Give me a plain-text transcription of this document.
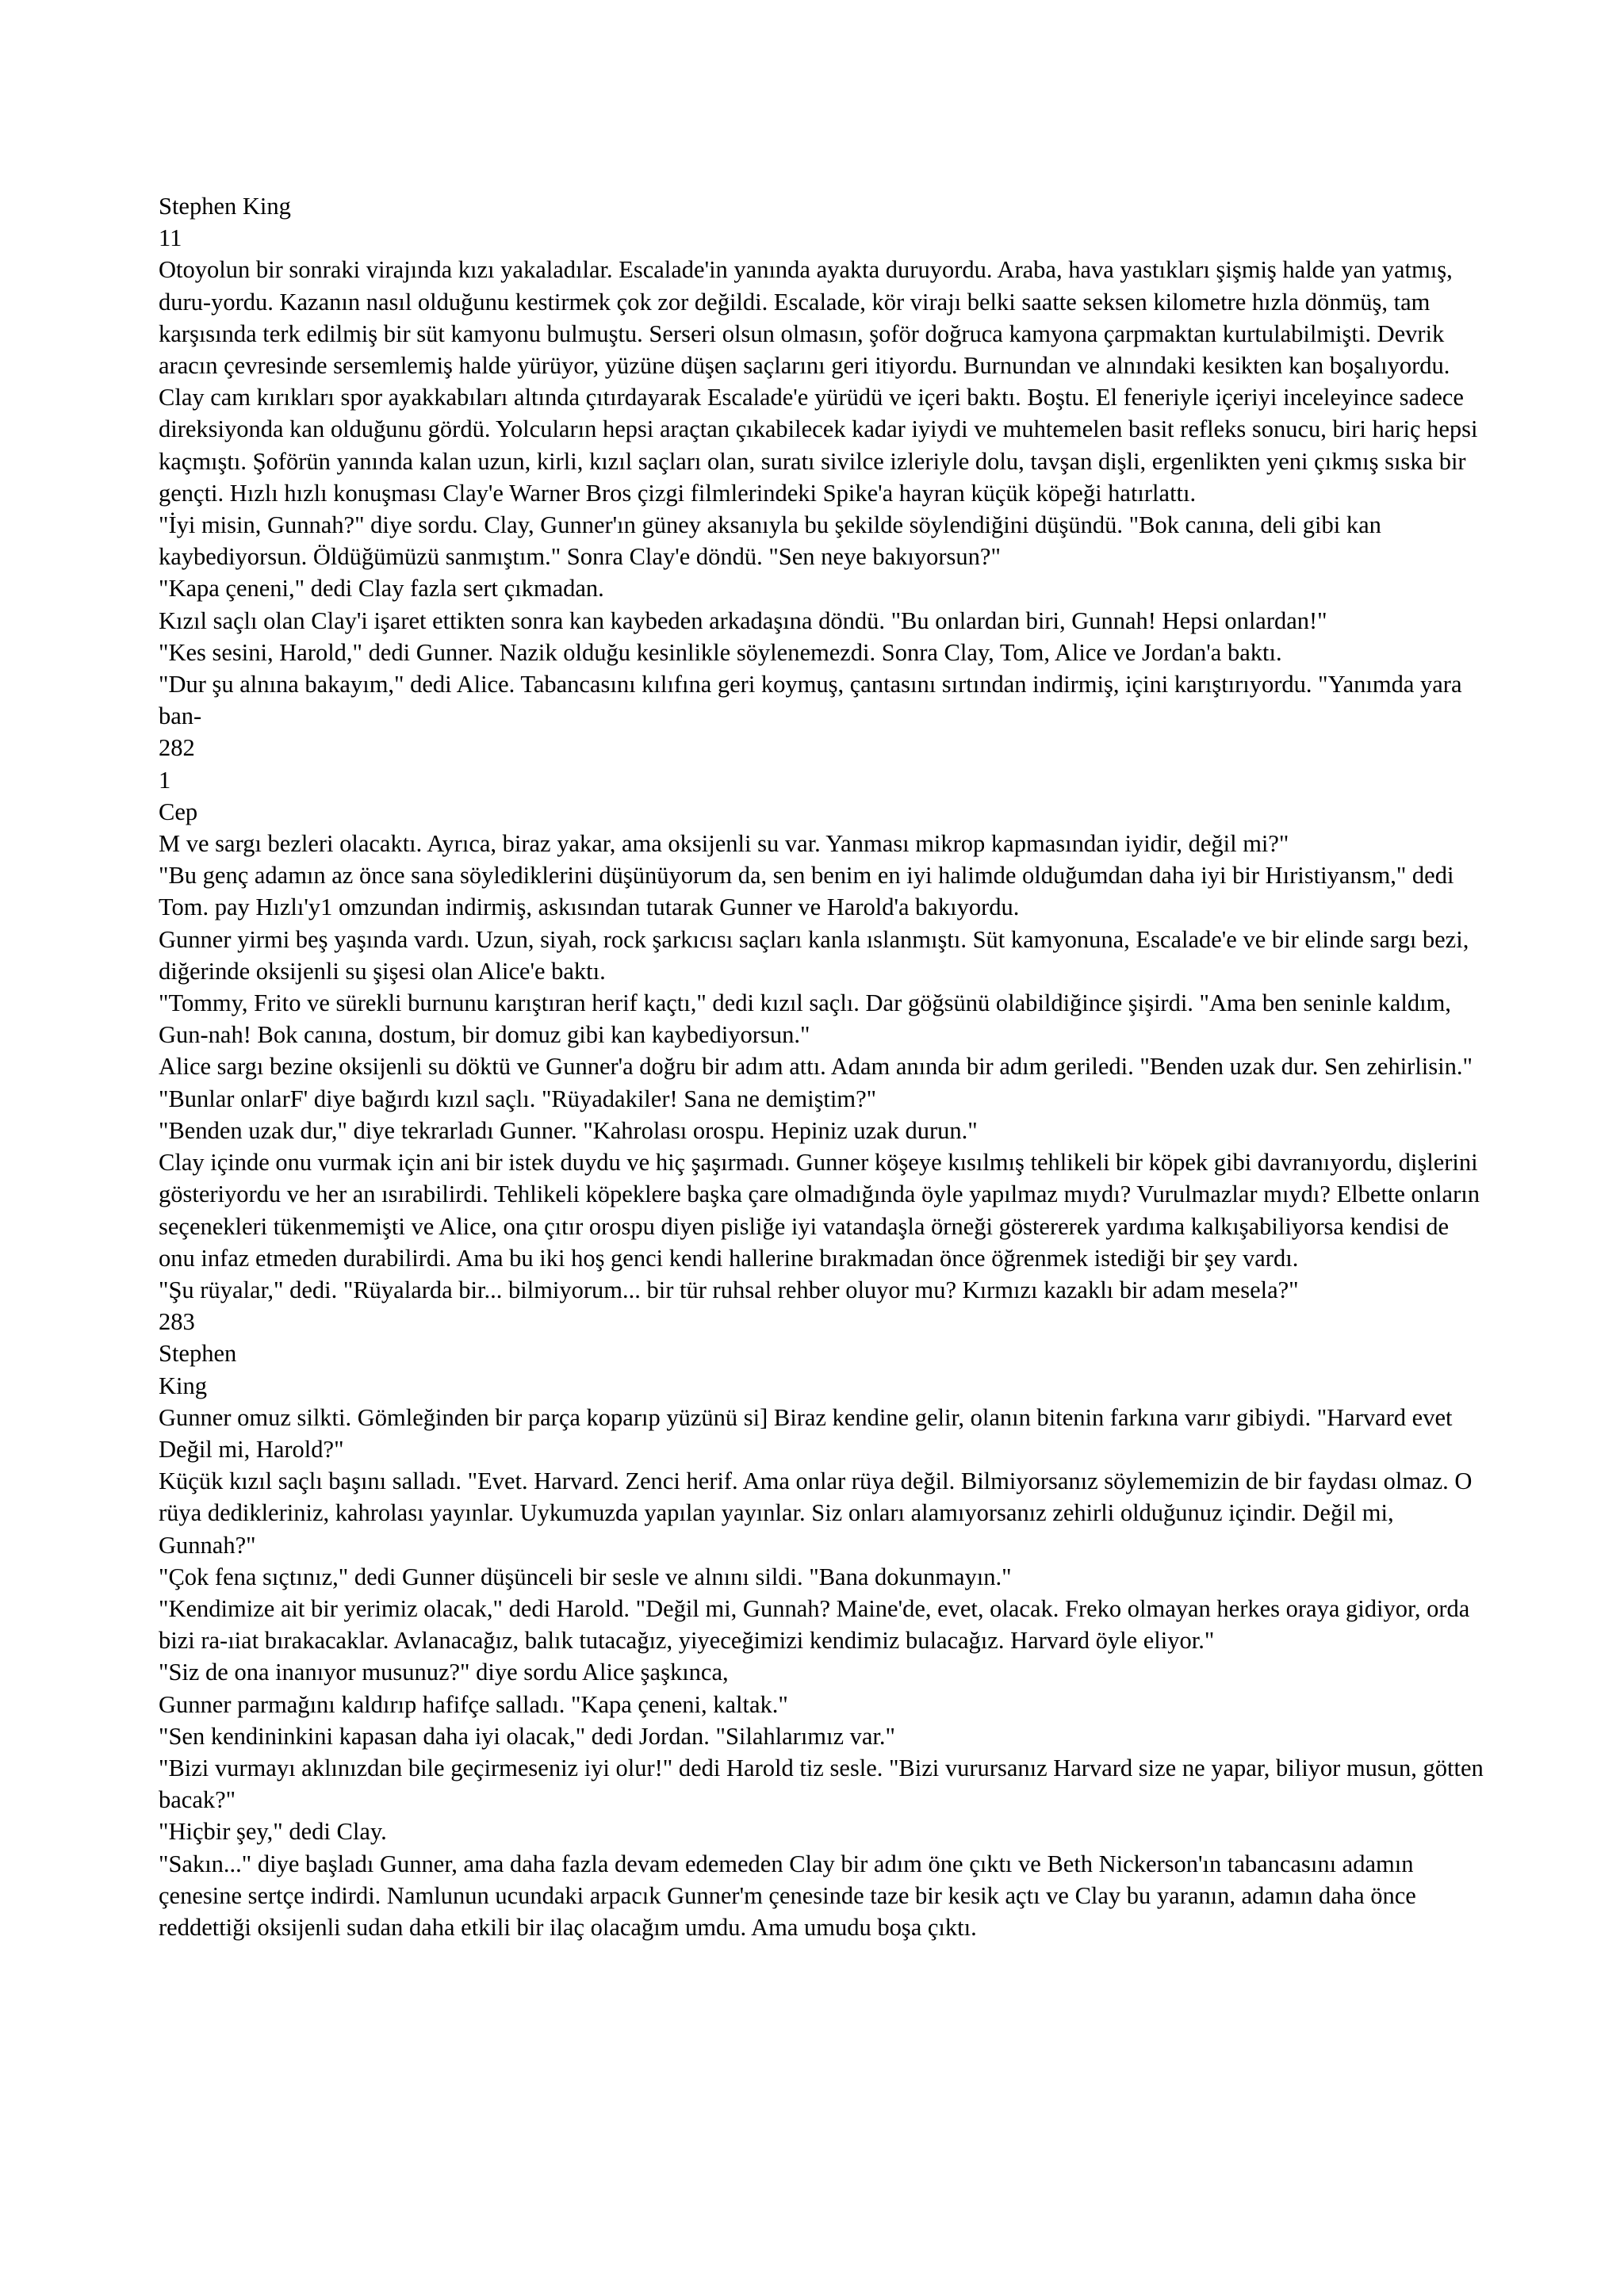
Stephen King

11

Otoyolun bir sonraki virajında kızı yakaladılar. Escalade'in yanında ayakta duruyordu. Araba, hava yastıkları şişmiş halde yan yatmış, duru-yordu. Kazanın nasıl olduğunu kestirmek çok zor değildi. Escalade, kör virajı belki saatte seksen kilometre hızla dönmüş, tam karşısında terk edilmiş bir süt kamyonu bulmuştu. Serseri olsun olmasın, şoför doğruca kamyona çarpmaktan kurtulabilmişti. Devrik aracın çevresinde sersemlemiş halde yürüyor, yüzüne düşen saçlarını geri itiyordu. Burnundan ve alnındaki kesikten kan boşalıyordu. Clay cam kırıkları spor ayakkabıları altında çıtırdayarak Escalade'e yürüdü ve içeri baktı. Boştu. El feneriyle içeriyi inceleyince sadece direksiyonda kan olduğunu gördü. Yolcuların hepsi araçtan çıkabilecek kadar iyiydi ve muhtemelen basit refleks sonucu, biri hariç hepsi kaçmıştı. Şoförün yanında kalan uzun, kirli, kızıl saçları olan, suratı sivilce izleriyle dolu, tavşan dişli, ergenlikten yeni çıkmış sıska bir gençti. Hızlı hızlı konuşması Clay'e Warner Bros çizgi filmlerindeki Spike'a hayran küçük köpeği hatırlattı.

"İyi misin, Gunnah?" diye sordu. Clay, Gunner'ın güney aksanıyla bu şekilde söylendiğini düşündü. "Bok canına, deli gibi kan kaybediyorsun. Öldüğümüzü sanmıştım." Sonra Clay'e döndü. "Sen neye bakıyorsun?"

"Kapa çeneni," dedi Clay fazla sert çıkmadan.

Kızıl saçlı olan Clay'i işaret ettikten sonra kan kaybeden arkadaşına döndü. "Bu onlardan biri, Gunnah! Hepsi onlardan!"

"Kes sesini, Harold," dedi Gunner. Nazik olduğu kesinlikle söylenemezdi. Sonra Clay, Tom, Alice ve Jordan'a baktı.

"Dur şu alnına bakayım," dedi Alice. Tabancasını kılıfına geri koymuş, çantasını sırtından indirmiş, içini karıştırıyordu. "Yanımda yara ban-

282

1

Cep

M ve sargı bezleri olacaktı. Ayrıca, biraz yakar, ama oksijenli su var. Yanması mikrop kapmasından iyidir, değil mi?"

"Bu genç adamın az önce sana söylediklerini düşünüyorum da, sen benim en iyi halimde olduğumdan daha iyi bir Hıristiyansm," dedi Tom. pay Hızlı'y1 omzundan indirmiş, askısından tutarak Gunner ve Harold'a bakıyordu.

Gunner yirmi beş yaşında vardı. Uzun, siyah, rock şarkıcısı saçları kanla ıslanmıştı. Süt kamyonuna, Escalade'e ve bir elinde sargı bezi, diğerinde oksijenli su şişesi olan Alice'e baktı.

"Tommy, Frito ve sürekli burnunu karıştıran herif kaçtı," dedi kızıl saçlı. Dar göğsünü olabildiğince şişirdi. "Ama ben seninle kaldım, Gun-nah! Bok canına, dostum, bir domuz gibi kan kaybediyorsun."

Alice sargı bezine oksijenli su döktü ve Gunner'a doğru bir adım attı. Adam anında bir adım geriledi. "Benden uzak dur. Sen zehirlisin."

"Bunlar onlarF' diye bağırdı kızıl saçlı. "Rüyadakiler! Sana ne demiştim?"

"Benden uzak dur," diye tekrarladı Gunner. "Kahrolası orospu. Hepiniz uzak durun."

Clay içinde onu vurmak için ani bir istek duydu ve hiç şaşırmadı. Gunner köşeye kısılmış tehlikeli bir köpek gibi davranıyordu, dişlerini gösteriyordu ve her an ısırabilirdi. Tehlikeli köpeklere başka çare olmadığında öyle yapılmaz mıydı? Vurulmazlar mıydı? Elbette onların seçenekleri tükenmemişti ve Alice, ona çıtır orospu diyen pisliğe iyi vatandaşla örneği göstererek yardıma kalkışabiliyorsa kendisi de onu infaz etmeden durabilirdi. Ama bu iki hoş genci kendi hallerine bırakmadan önce öğrenmek istediği bir şey vardı.

"Şu rüyalar," dedi. "Rüyalarda bir... bilmiyorum... bir tür ruhsal rehber oluyor mu? Kırmızı kazaklı bir adam mesela?"

283

Stephen

King

Gunner omuz silkti. Gömleğinden bir parça koparıp yüzünü si] Biraz kendine gelir, olanın bitenin farkına varır gibiydi. "Harvard evet Değil mi, Harold?"

Küçük kızıl saçlı başını salladı. "Evet. Harvard. Zenci herif. Ama onlar rüya değil. Bilmiyorsanız söylememizin de bir faydası olmaz. O rüya dedikleriniz, kahrolası yayınlar. Uykumuzda yapılan yayınlar. Siz onları alamıyorsanız zehirli olduğunuz içindir. Değil mi, Gunnah?"

"Çok fena sıçtınız," dedi Gunner düşünceli bir sesle ve alnını sildi. "Bana dokunmayın."

"Kendimize ait bir yerimiz olacak," dedi Harold. "Değil mi, Gunnah? Maine'de, evet, olacak. Freko olmayan herkes oraya gidiyor, orda bizi ra-ıiat bırakacaklar. Avlanacağız, balık tutacağız, yiyeceğimizi kendimiz bulacağız. Harvard öyle eliyor."

"Siz de ona inanıyor musunuz?" diye sordu Alice şaşkınca,

Gunner parmağını kaldırıp hafifçe salladı. "Kapa çeneni, kaltak."

"Sen kendininkini kapasan daha iyi olacak," dedi Jordan. "Silahlarımız var."

"Bizi vurmayı aklınızdan bile geçirmeseniz iyi olur!" dedi Harold tiz sesle. "Bizi vurursanız Harvard size ne yapar, biliyor musun, götten bacak?"

"Hiçbir şey," dedi Clay.

"Sakın..." diye başladı Gunner, ama daha fazla devam edemeden Clay bir adım öne çıktı ve Beth Nickerson'ın tabancasını adamın çenesine sertçe indirdi. Namlunun ucundaki arpacık Gunner'm çenesinde taze bir kesik açtı ve Clay bu yaranın, adamın daha önce reddettiği oksijenli sudan daha etkili bir ilaç olacağım umdu. Ama umudu boşa çıktı.
